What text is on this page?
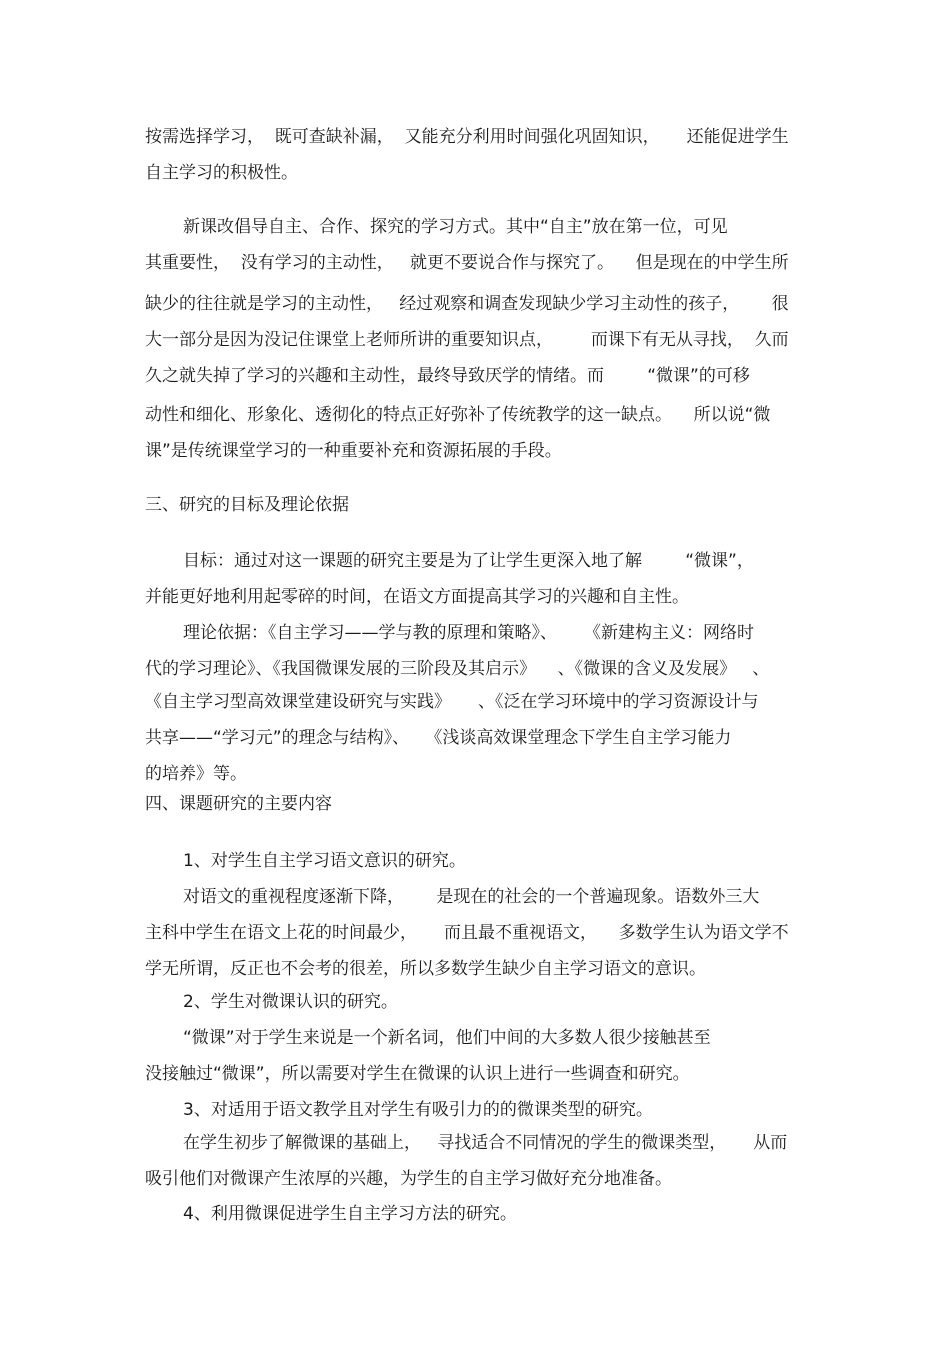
按需选择学习，  既可查缺补漏，  又能充分利用时间强化巩固知识，     还能促进学生
自主学习的积极性。
新课改倡导自主、合作、探究的学习方式。其中“自主”放在第一位，可见
其重要性，  没有学习的主动性，   就更不要说合作与探究了。    但是现在的中学生所
缺少的往往就是学习的主动性，   经过观察和调查发现缺少学习主动性的孩子，      很
大一部分是因为没记住课堂上老师所讲的重要知识点，       而课下有无从寻找，  久而
久之就失掉了学习的兴趣和主动性，最终导致厌学的情绪。而        “微课”的可移
动性和细化、形象化、透彻化的特点正好弥补了传统教学的这一缺点。    所以说“微
课”是传统课堂学习的一种重要补充和资源拓展的手段。
三、研究的目标及理论依据
目标：通过对这一课题的研究主要是为了让学生更深入地了解        “微课”，
并能更好地利用起零碎的时间，在语文方面提高其学习的兴趣和自主性。
理论依据：《自主学习——学与教的原理和策略》、     《新建构主义：网络时
代的学习理论》、《我国微课发展的三阶段及其启示》    、《微课的含义及发展》   、
《自主学习型高效课堂建设研究与实践》     、《泛在学习环境中的学习资源设计与
共享——“学习元”的理念与结构》、   《浅谈高效课堂理念下学生自主学习能力
的培养》等。
四、课题研究的主要内容
1、对学生自主学习语文意识的研究。
对语文的重视程度逐渐下降，      是现在的社会的一个普遍现象。语数外三大
主科中学生在语文上花的时间最少，     而且最不重视语文，    多数学生认为语文学不
学无所谓，反正也不会考的很差，所以多数学生缺少自主学习语文的意识。
2、学生对微课认识的研究。
“微课”对于学生来说是一个新名词，他们中间的大多数人很少接触甚至
没接触过“微课”，所以需要对学生在微课的认识上进行一些调查和研究。
3、对适用于语文教学且对学生有吸引力的的微课类型的研究。
在学生初步了解微课的基础上，   寻找适合不同情况的学生的微课类型，     从而
吸引他们对微课产生浓厚的兴趣，为学生的自主学习做好充分地准备。
4、利用微课促进学生自主学习方法的研究。
